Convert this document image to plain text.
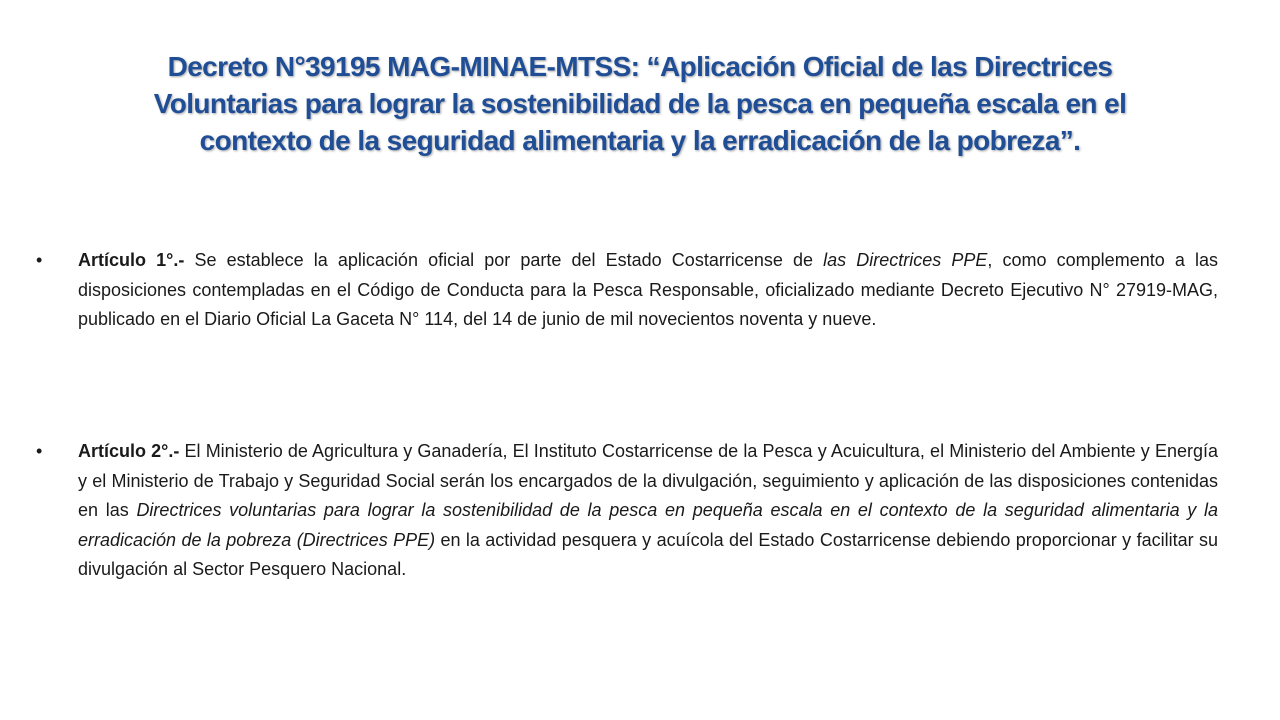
Decreto N°39195 MAG-MINAE-MTSS: “Aplicación Oficial de las Directrices
Voluntarias para lograr la sostenibilidad de la pesca en pequeña escala en el
contexto de la seguridad alimentaria y la erradicación de la pobreza”.
• Artículo 1°.- Se establece la aplicación oficial por parte del Estado Costarricense de las Directrices PPE, como complemento a las disposiciones contempladas en el Código de Conducta para la Pesca Responsable, oficializado mediante Decreto Ejecutivo N° 27919-MAG, publicado en el Diario Oficial La Gaceta N° 114, del 14 de junio de mil novecientos noventa y nueve.
• Artículo 2°.- El Ministerio de Agricultura y Ganadería, El Instituto Costarricense de la Pesca y Acuicultura, el Ministerio del Ambiente y Energía y el Ministerio de Trabajo y Seguridad Social serán los encargados de la divulgación, seguimiento y aplicación de las disposiciones contenidas en las Directrices voluntarias para lograr la sostenibilidad de la pesca en pequeña escala en el contexto de la seguridad alimentaria y la erradicación de la pobreza (Directrices PPE) en la actividad pesquera y acuícola del Estado Costarricense debiendo proporcionar y facilitar su divulgación al Sector Pesquero Nacional.
